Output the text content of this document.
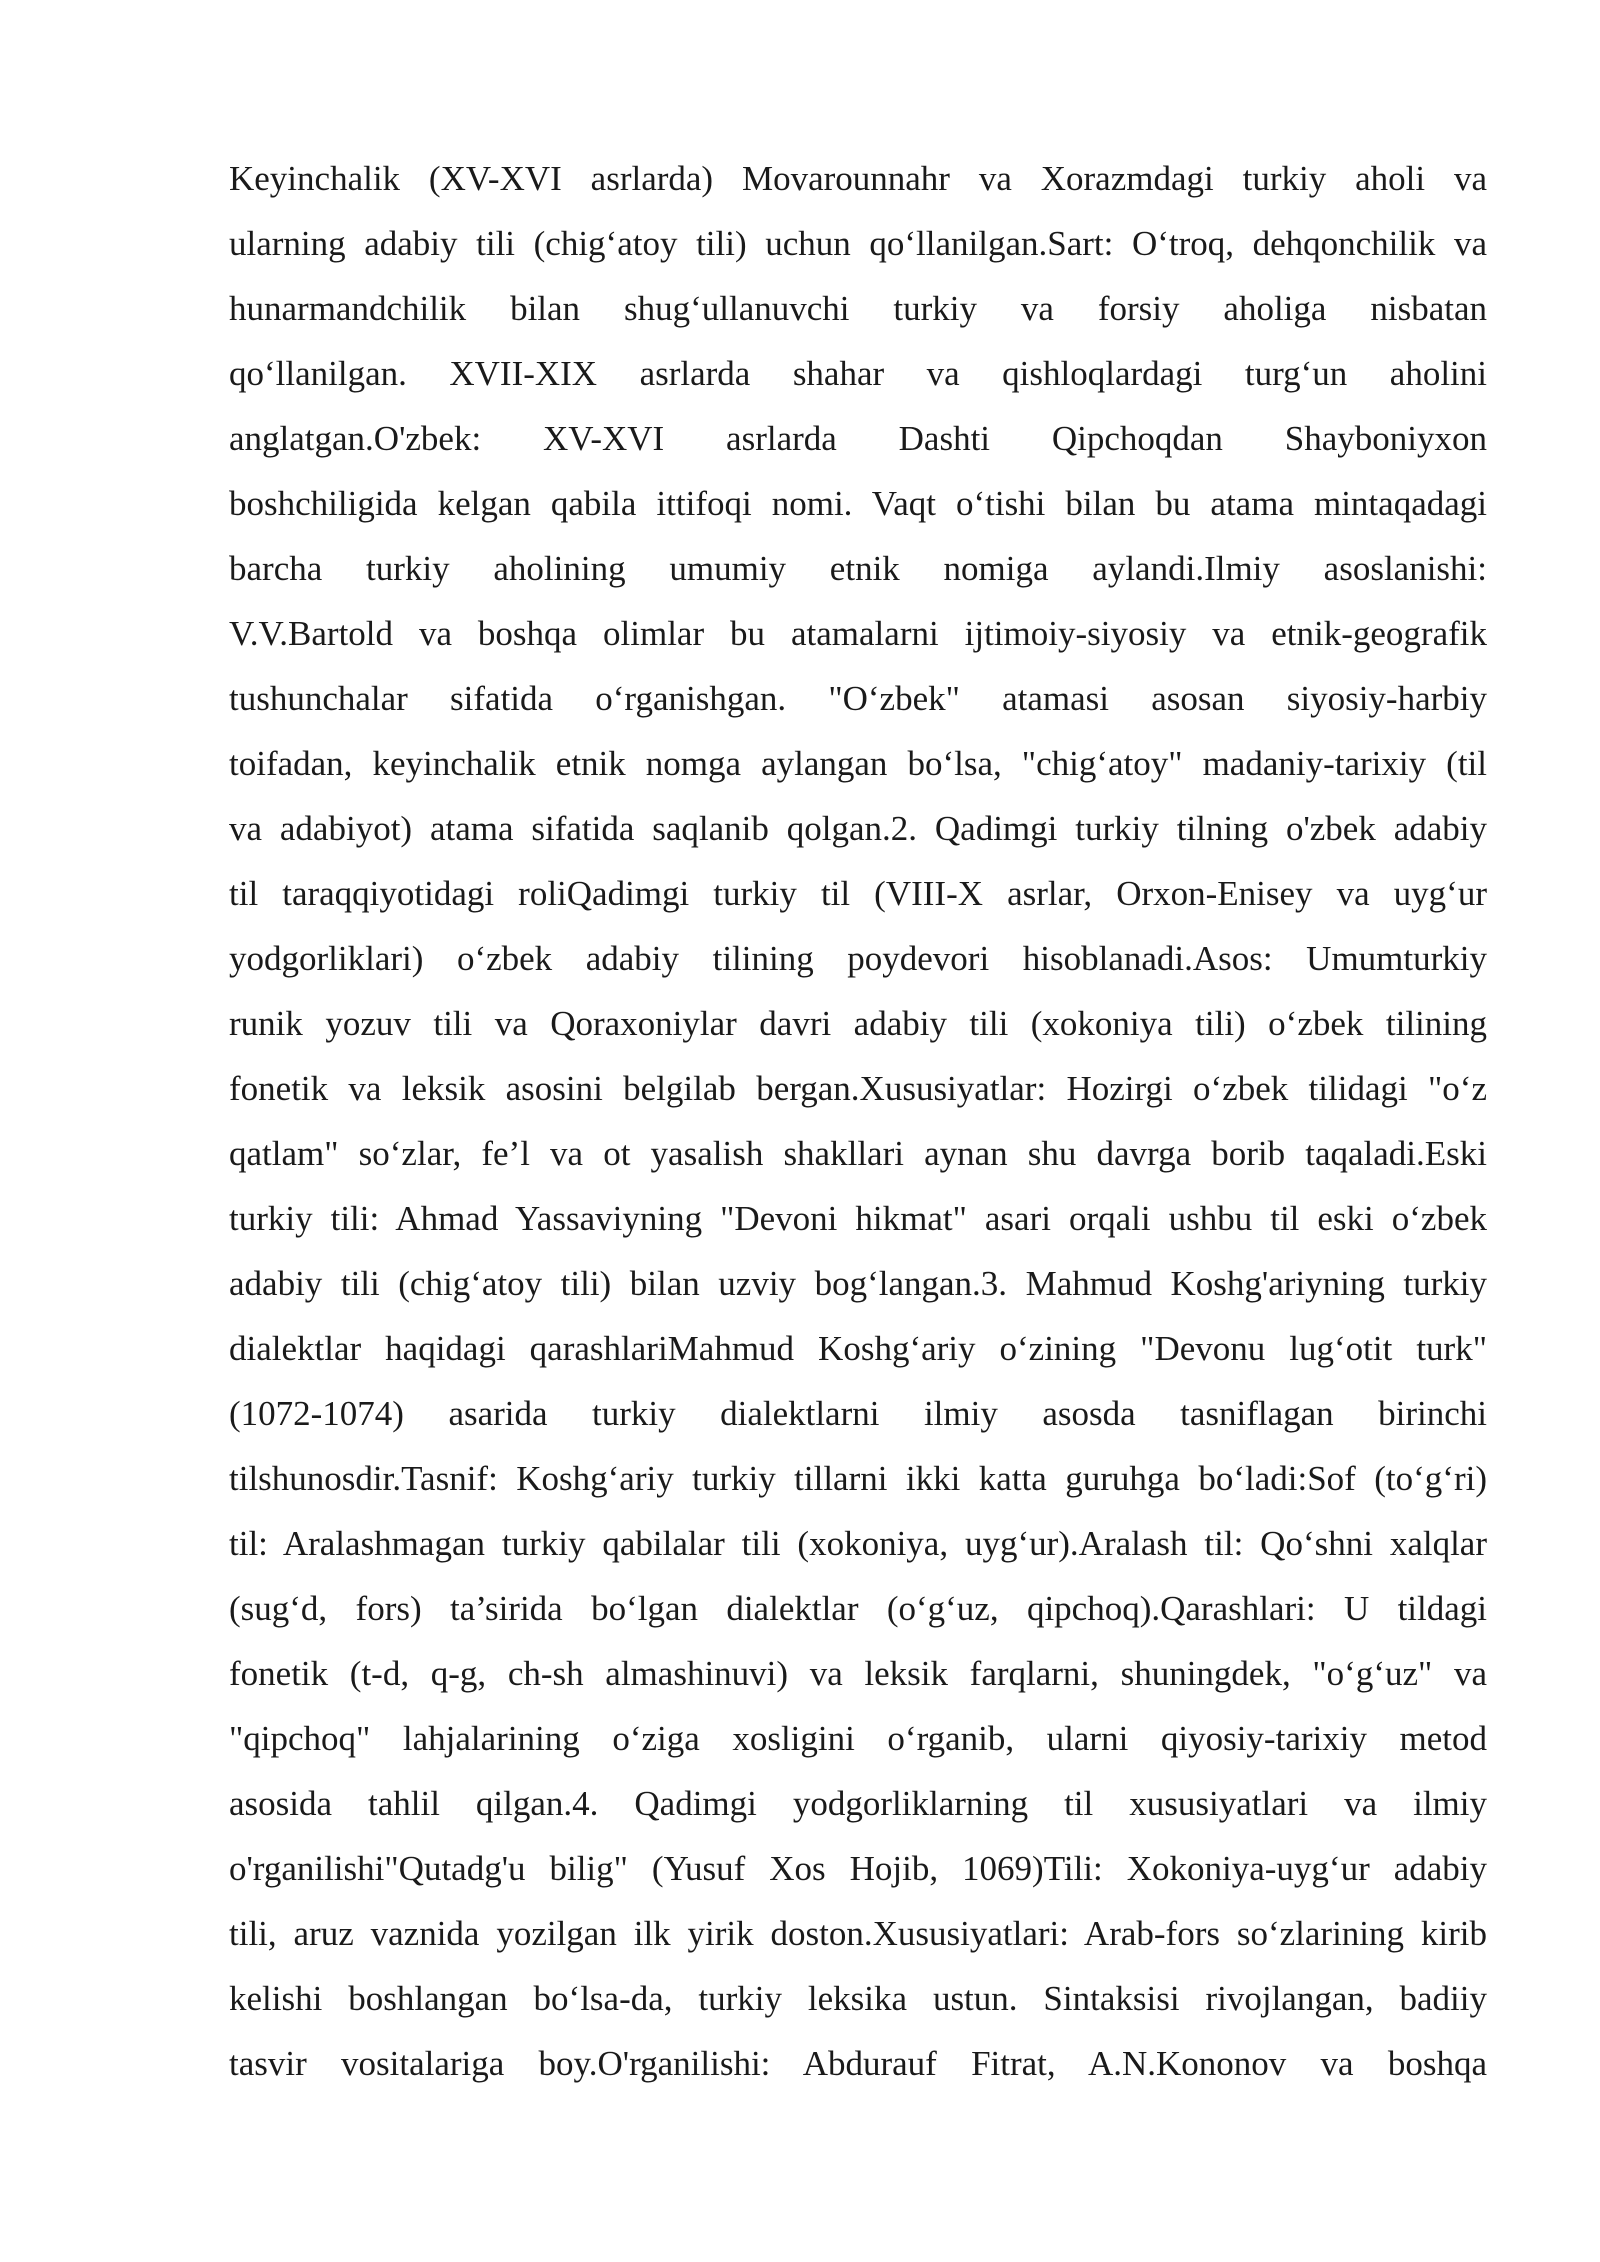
Keyinchalik (XV-XVI asrlarda) Movarounnahr va Xorazmdagi turkiy aholi va
ularning adabiy tili (chig‘atoy tili) uchun qo‘llanilgan.Sart: O‘troq, dehqonchilik va
hunarmandchilik bilan shug‘ullanuvchi turkiy va forsiy aholiga nisbatan
qo‘llanilgan. XVII-XIX asrlarda shahar va qishloqlardagi turg‘un aholini
anglatgan.O'zbek: XV-XVI asrlarda Dashti Qipchoqdan Shayboniyxon
boshchiligida kelgan qabila ittifoqi nomi. Vaqt o‘tishi bilan bu atama mintaqadagi
barcha turkiy aholining umumiy etnik nomiga aylandi.Ilmiy asoslanishi:
V.V.Bartold va boshqa olimlar bu atamalarni ijtimoiy-siyosiy va etnik-geografik
tushunchalar sifatida o‘rganishgan. "O‘zbek" atamasi asosan siyosiy-harbiy
toifadan, keyinchalik etnik nomga aylangan bo‘lsa, "chig‘atoy" madaniy-tarixiy (til
va adabiyot) atama sifatida saqlanib qolgan.2. Qadimgi turkiy tilning o'zbek adabiy
til taraqqiyotidagi roliQadimgi turkiy til (VIII-X asrlar, Orxon-Enisey va uyg‘ur
yodgorliklari) o‘zbek adabiy tilining poydevori hisoblanadi.Asos: Umumturkiy
runik yozuv tili va Qoraxoniylar davri adabiy tili (xokoniya tili) o‘zbek tilining
fonetik va leksik asosini belgilab bergan.Xususiyatlar: Hozirgi o‘zbek tilidagi "o‘z
qatlam" so‘zlar, fe’l va ot yasalish shakllari aynan shu davrga borib taqaladi.Eski
turkiy tili: Ahmad Yassaviyning "Devoni hikmat" asari orqali ushbu til eski o‘zbek
adabiy tili (chig‘atoy tili) bilan uzviy bog‘langan.3. Mahmud Koshg'ariyning turkiy
dialektlar haqidagi qarashlariMahmud Koshg‘ariy o‘zining "Devonu lug‘otit turk"
(1072-1074) asarida turkiy dialektlarni ilmiy asosda tasniflagan birinchi
tilshunosdir.Tasnif: Koshg‘ariy turkiy tillarni ikki katta guruhga bo‘ladi:Sof (to‘g‘ri)
til: Aralashmagan turkiy qabilalar tili (xokoniya, uyg‘ur).Aralash til: Qo‘shni xalqlar
(sug‘d, fors) ta’sirida bo‘lgan dialektlar (o‘g‘uz, qipchoq).Qarashlari: U tildagi
fonetik (t-d, q-g, ch-sh almashinuvi) va leksik farqlarni, shuningdek, "o‘g‘uz" va
"qipchoq" lahjalarining o‘ziga xosligini o‘rganib, ularni qiyosiy-tarixiy metod
asosida tahlil qilgan.4. Qadimgi yodgorliklarning til xususiyatlari va ilmiy
o'rganilishi"Qutadg'u bilig" (Yusuf Xos Hojib, 1069)Tili: Xokoniya-uyg‘ur adabiy
tili, aruz vaznida yozilgan ilk yirik doston.Xususiyatlari: Arab-fors so‘zlarining kirib
kelishi boshlangan bo‘lsa-da, turkiy leksika ustun. Sintaksisi rivojlangan, badiiy
tasvir vositalariga boy.O'rganilishi: Abdurauf Fitrat, A.N.Kononov va boshqa
